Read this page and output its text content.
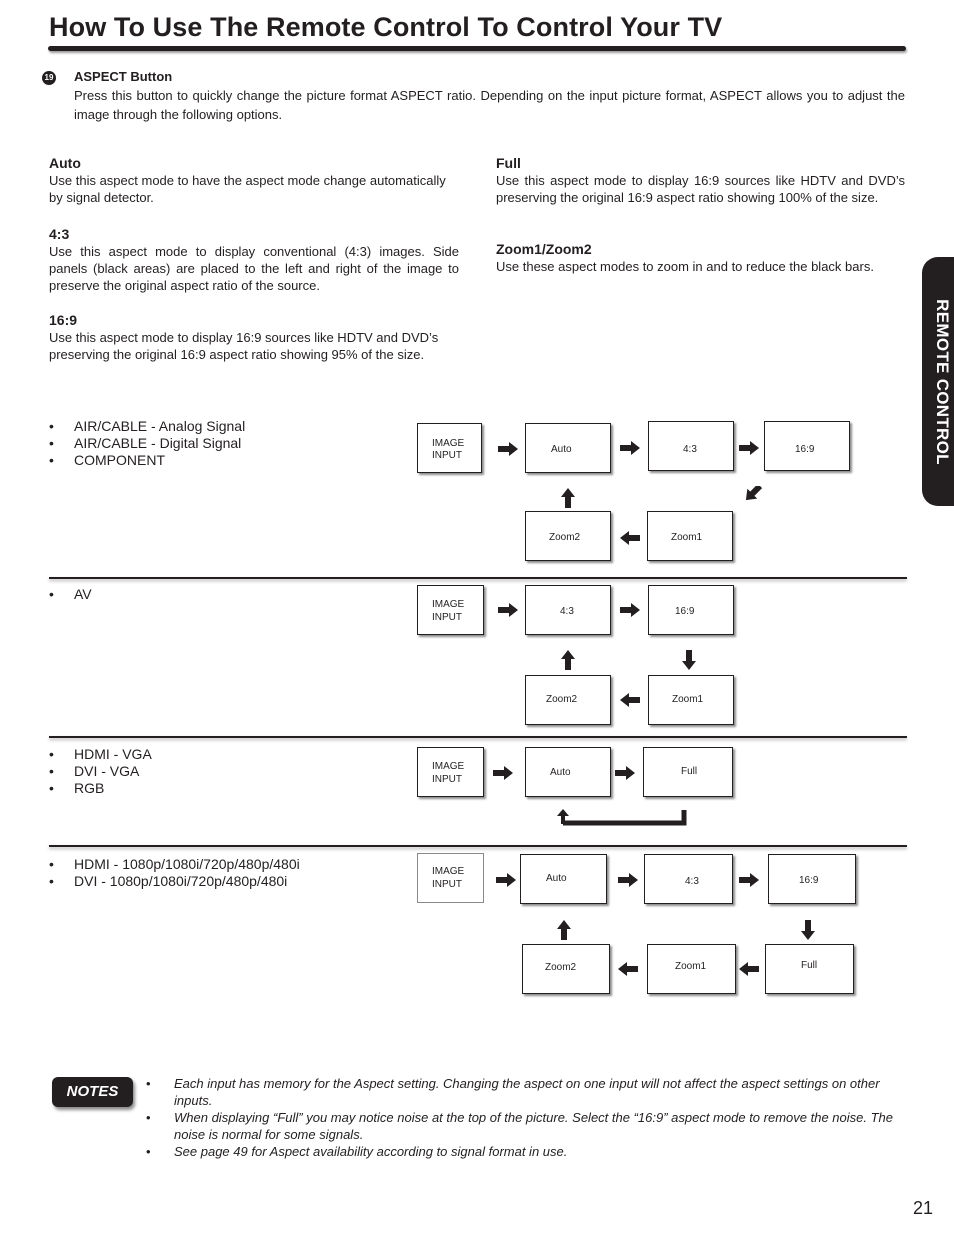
How To Use The Remote Control To Control Your TV
REMOTE CONTROL
19 ASPECT Button
Press this button to quickly change the picture format ASPECT ratio. Depending on the input picture format, ASPECT allows you to adjust the image through the following options.
Auto
Use this aspect mode to have the aspect mode change automatically by signal detector.
4:3
Use this aspect mode to display conventional (4:3) images. Side panels (black areas) are placed to the left and right of the image to preserve the original aspect ratio of the source.
16:9
Use this aspect mode to display 16:9 sources like HDTV and DVD’s preserving the original 16:9 aspect ratio showing 95% of the size.
Full
Use this aspect mode to display 16:9 sources like HDTV and DVD’s preserving the original 16:9 aspect ratio showing 100% of the size.
Zoom1/Zoom2
Use these aspect modes to zoom in and to reduce the black bars.
• AIR/CABLE - Analog Signal
• AIR/CABLE - Digital Signal
• COMPONENT
IMAGE
INPUT
Auto	4:3	16:9
Zoom2	Zoom1
• AV
IMAGE
INPUT
4:3	16:9
Zoom2	Zoom1
• HDMI - VGA
• DVI - VGA
• RGB
IMAGE
INPUT
Auto	Full
• HDMI - 1080p/1080i/720p/480p/480i
• DVI - 1080p/1080i/720p/480p/480i
IMAGE
INPUT
Auto	4:3	16:9
Zoom2	Zoom1	Full
NOTES
•	Each input has memory for the Aspect setting. Changing the aspect on one input will not affect the aspect settings on other inputs.
• When displaying “Full” you may notice noise at the top of the picture. Select the “16:9” aspect mode to remove the noise. The noise is normal for some signals.
• See page 49 for Aspect availability according to signal format in use.
21
